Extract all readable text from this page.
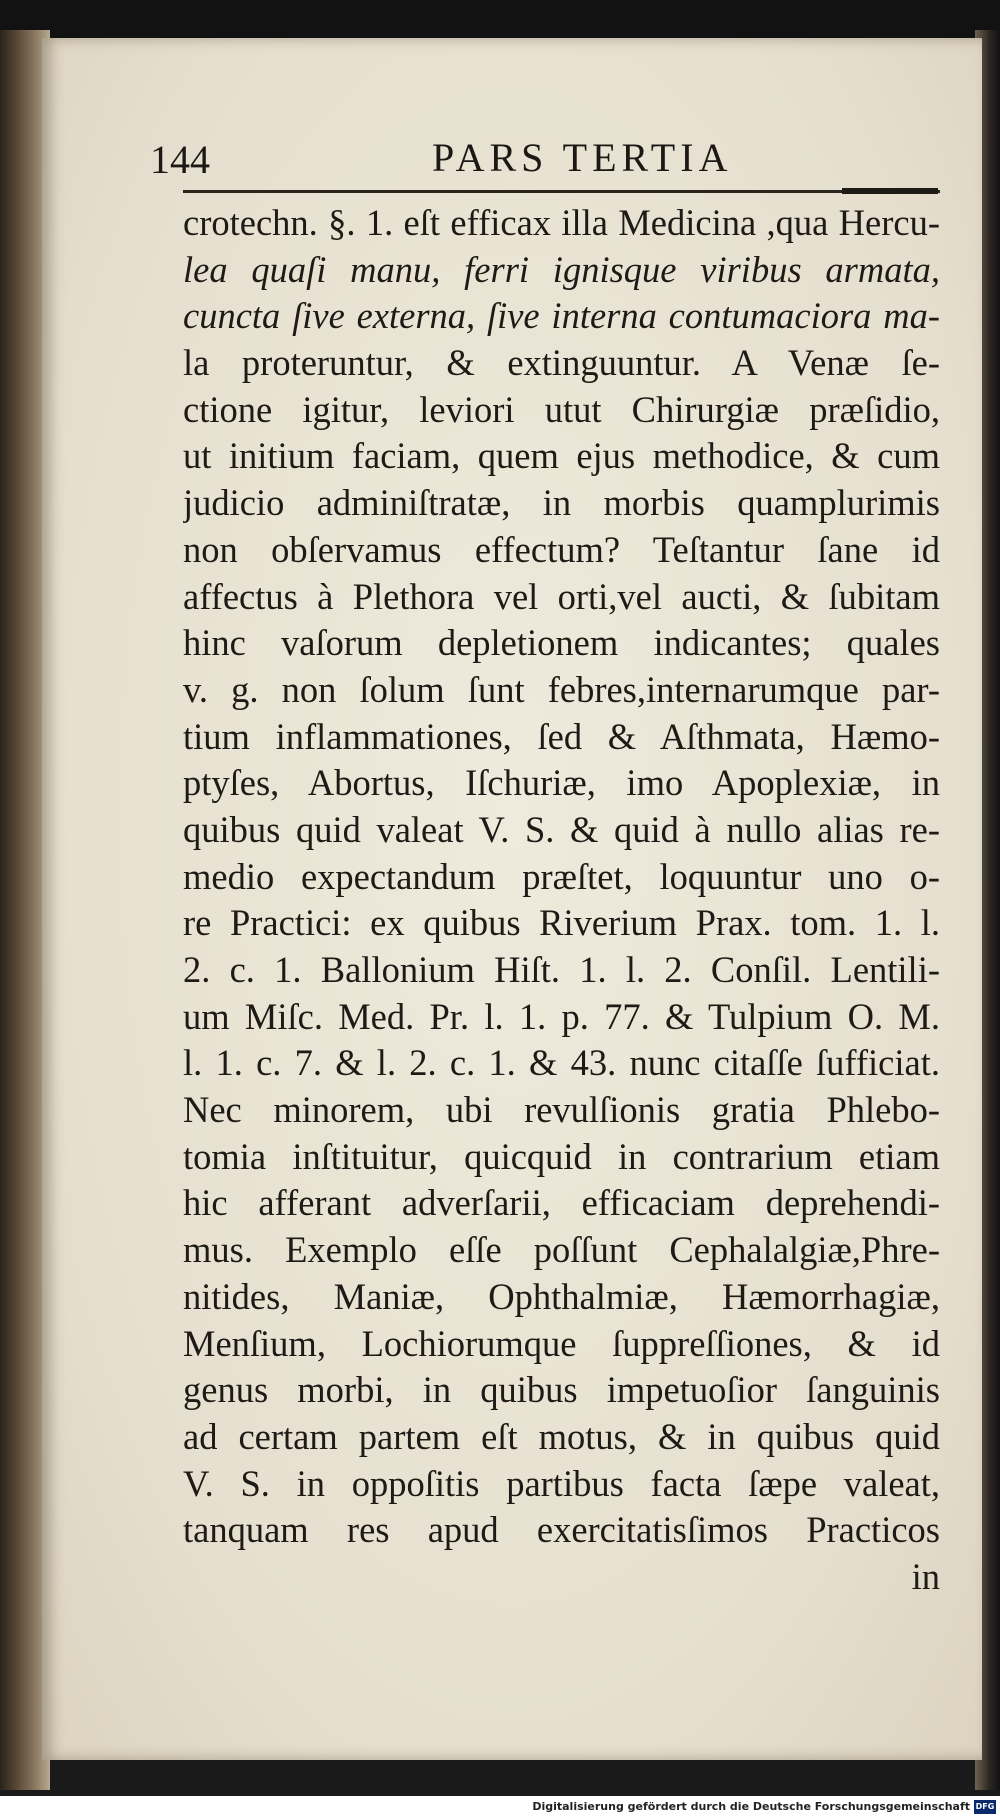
144	PARS TERTIA
crotechn. §. 1. eſt efficax illa Medicina ,qua Hercu-
lea quaſi manu, ferri ignisque viribus armata,
cuncta ſive externa, ſive interna contumaciora ma-
la proteruntur, & extinguuntur. A Venæ ſe-
ctione igitur, leviori utut Chirurgiæ præſidio,
ut initium faciam, quem ejus methodice, & cum
judicio adminiſtratæ, in morbis quamplurimis
non obſervamus effectum? Teſtantur ſane id
affectus à Plethora vel orti,vel aucti, & ſubitam
hinc vaſorum depletionem indicantes; quales
v. g. non ſolum ſunt febres,internarumque par-
tium inflammationes, ſed & Aſthmata, Hæmo-
ptyſes, Abortus, Iſchuriæ, imo Apoplexiæ, in
quibus quid valeat V. S. & quid à nullo alias re-
medio expectandum præſtet, loquuntur uno o-
re Practici: ex quibus Riverium Prax. tom. 1. l.
2. c. 1. Ballonium Hiſt. 1. l. 2. Conſil. Lentili-
um Miſc. Med. Pr. l. 1. p. 77. & Tulpium O. M.
l. 1. c. 7. & l. 2. c. 1. & 43. nunc citaſſe ſufficiat.
Nec minorem, ubi revulſionis gratia Phlebo-
tomia inſtituitur, quicquid in contrarium etiam
hic afferant adverſarii, efficaciam deprehendi-
mus. Exemplo eſſe poſſunt Cephalalgiæ,Phre-
nitides, Maniæ, Ophthalmiæ, Hæmorrhagiæ,
Menſium, Lochiorumque ſuppreſſiones, & id
genus morbi, in quibus impetuoſior ſanguinis
ad certam partem eſt motus, & in quibus quid
V. S. in oppoſitis partibus facta ſæpe valeat,
tanquam res apud exercitatisſimos Practicos
in
Digitalisierung gefördert durch die Deutsche Forschungsgemeinschaft DFG
